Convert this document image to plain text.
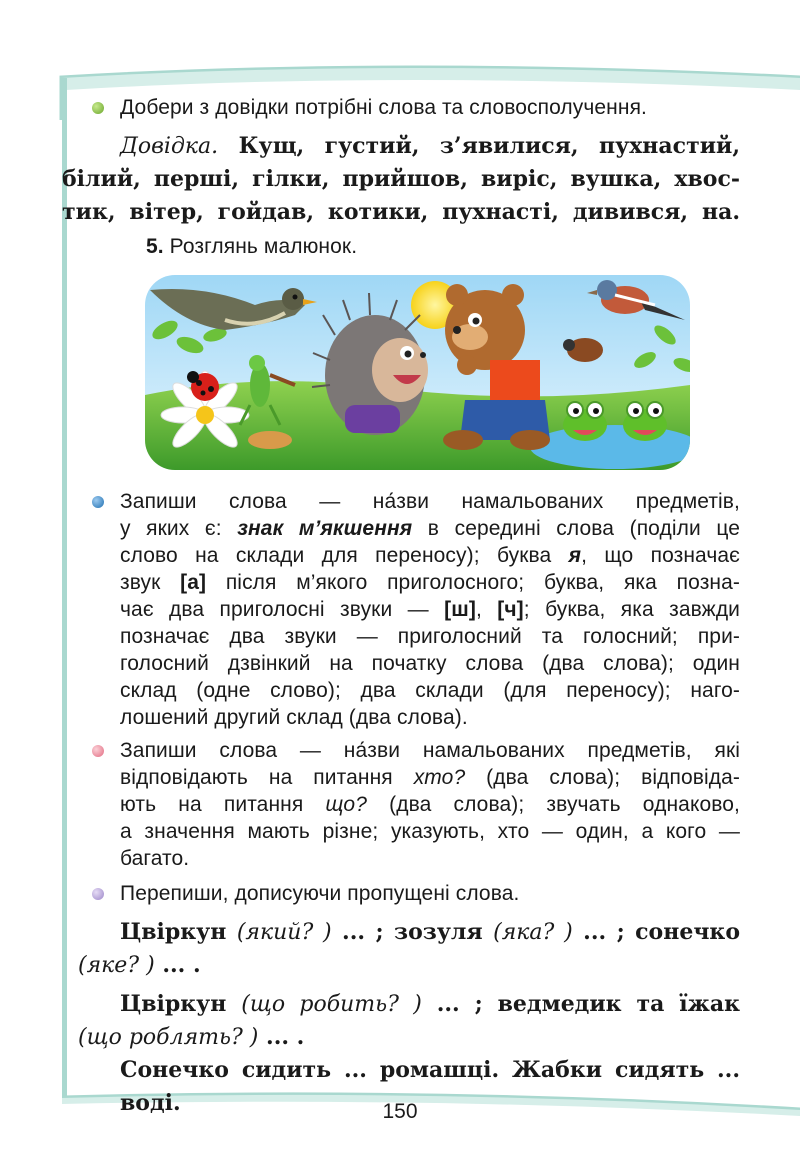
Добери з довідки потрібні слова та словосполучення.
Довідка. Кущ, густий, з’явилися, пухнастий,
білий, перші, гілки, прийшов, виріс, вушка, хвос-
тик, вітер, гойдав, котики, пухнасті, дивився, на.
5. Розглянь малюнок.
Запиши слова — на́зви намальованих предметів,
у яких є: знак м’якшення в середині слова (поділи це
слово на склади для переносу); буква я, що позначає
звук [а] після м’якого приголосного; буква, яка позна-
чає два приголосні звуки — [ш], [ч]; буква, яка завжди
позначає два звуки — приголосний та голосний; при-
голосний дзвінкий на початку слова (два слова); один
склад (одне слово); два склади (для переносу); наго-
лошений другий склад (два слова).
Запиши слова — на́зви намальованих предметів, які
відповідають на питання хто? (два слова); відповіда-
ють на питання що? (два слова); звучать однаково,
а значення мають різне; указують, хто — один, а кого —
багато.
Перепиши, дописуючи пропущені слова.
Цвіркун (який? ) ... ; зозуля (яка? ) ... ; сонечко
(яке? ) ... .
Цвіркун (що робить? ) ... ; ведмедик та їжак
(що роблять? ) ... .
Сонечко сидить ... ромашці. Жабки сидять ... воді.	150
